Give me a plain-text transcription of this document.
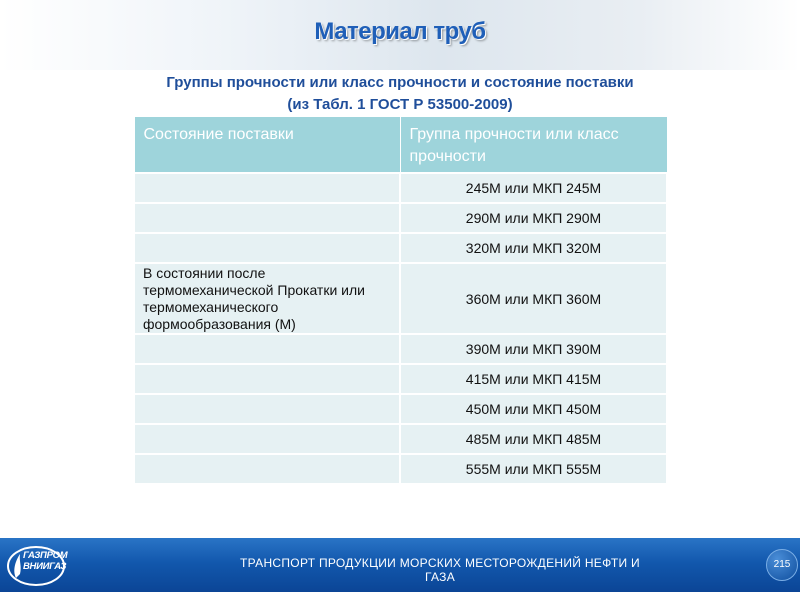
Материал труб
Группы прочности или класс прочности и состояние поставки
(из Табл. 1 ГОСТ Р 53500-2009)
Состояние поставки	Группа прочности или класс прочности
	245М или МКП 245М
	290М или МКП 290М
	320М или МКП 320М
В состоянии после термомеханической Прокатки или термомеханического формообразования (М)	360М или МКП 360М
	390М или МКП 390М
	415М или МКП 415М
	450М или МКП 450М
	485М или МКП 485М
	555М или МКП 555М
ГАЗПРОМ
ВНИИГАЗ	ТРАНСПОРТ ПРОДУКЦИИ МОРСКИХ МЕСТОРОЖДЕНИЙ НЕФТИ И ГАЗА
215
